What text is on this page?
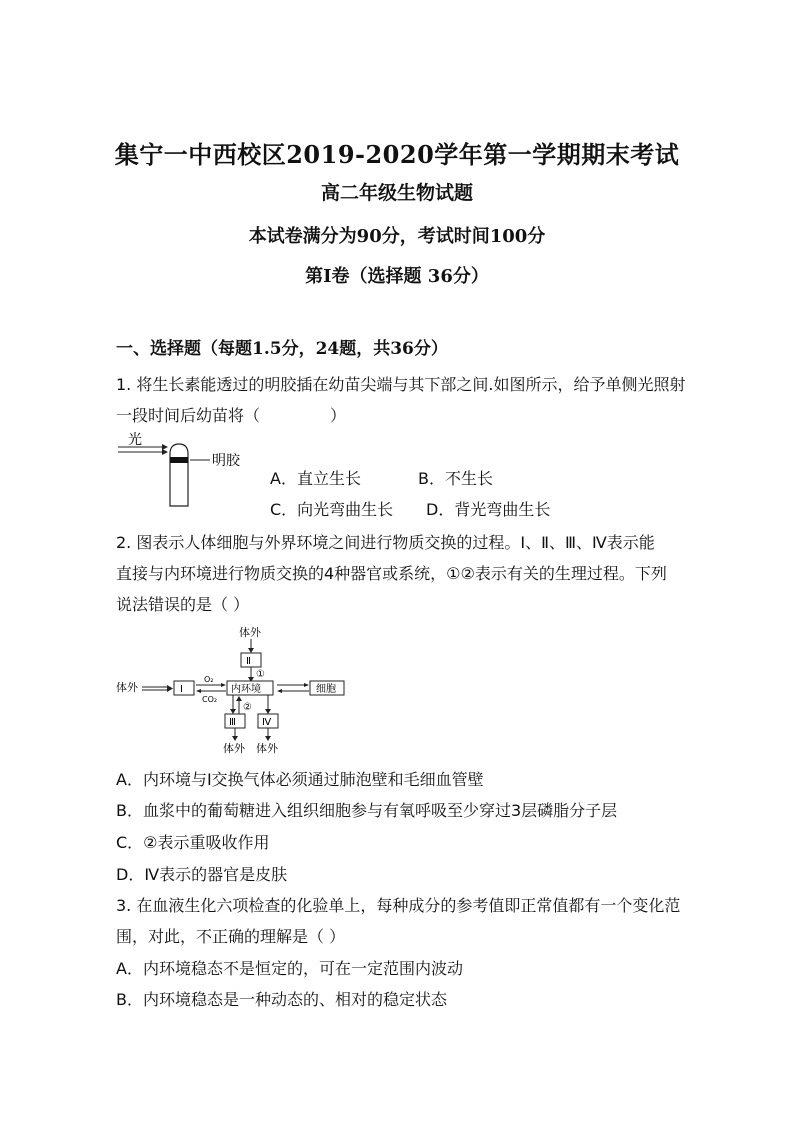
集宁一中西校区2019-2020学年第一学期期末考试
高二年级生物试题
本试卷满分为90分，考试时间100分
第Ⅰ卷（选择题 36分）
一、选择题（每题1.5分，24题，共36分）
1. 将生长素能透过的明胶插在幼苗尖端与其下部之间.如图所示，给予单侧光照射
一段时间后幼苗将（	）
光
明胶
A．直立生长	B．不生长
C．向光弯曲生长 D．背光弯曲生长
2. 图表示人体细胞与外界环境之间进行物质交换的过程。Ⅰ、Ⅱ、Ⅲ、Ⅳ表示能
直接与内环境进行物质交换的4种器官或系统，①②表示有关的生理过程。下列
说法错误的是（ ）
体外
Ⅱ
①
体外	Ⅰ
O₂
CO₂
内环境	细胞
②
Ⅲ	Ⅳ
体外 体外
A．内环境与Ⅰ交换气体必须通过肺泡壁和毛细血管壁
B．血浆中的葡萄糖进入组织细胞参与有氧呼吸至少穿过3层磷脂分子层
C．②表示重吸收作用
D．Ⅳ表示的器官是皮肤
3. 在血液生化六项检查的化验单上，每种成分的参考值即正常值都有一个变化范
围，对此，不正确的理解是（ ）
A．内环境稳态不是恒定的，可在一定范围内波动
B．内环境稳态是一种动态的、相对的稳定状态
